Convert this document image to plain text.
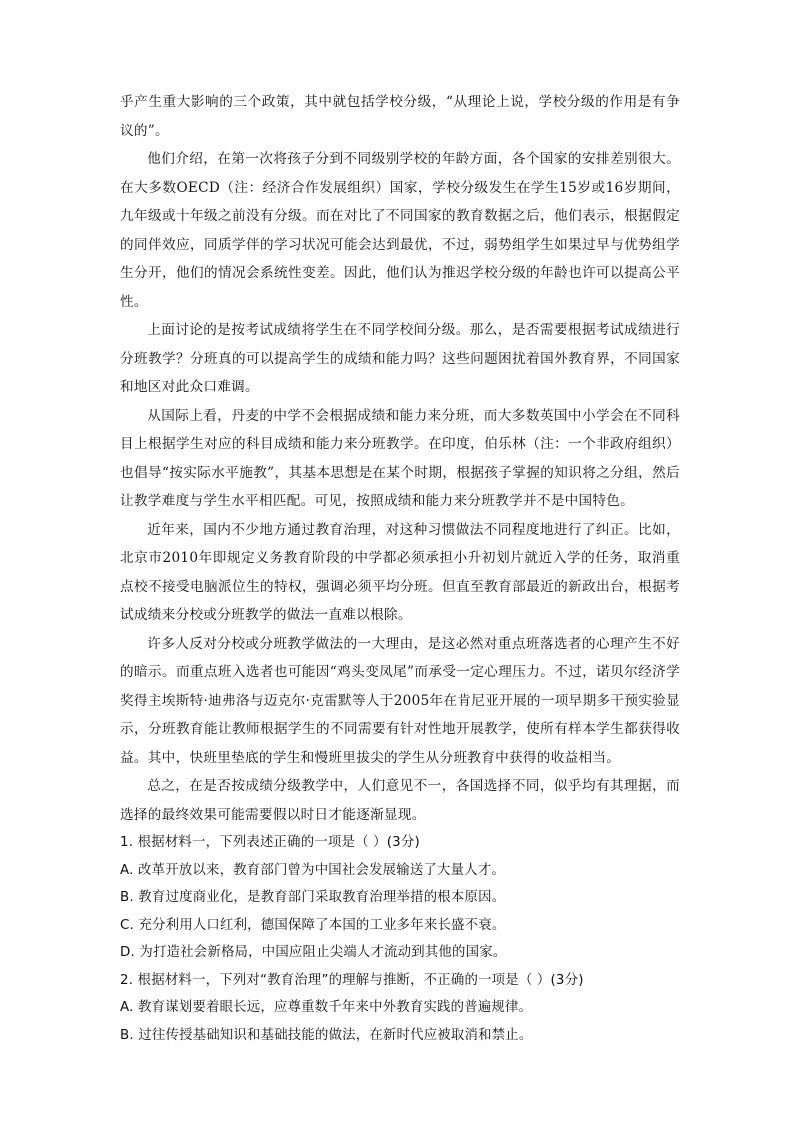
乎产生重大影响的三个政策，其中就包括学校分级，“从理论上说，学校分级的作用是有争议的”。

他们介绍，在第一次将孩子分到不同级别学校的年龄方面，各个国家的安排差别很大。在大多数OECD（注：经济合作发展组织）国家，学校分级发生在学生15岁或16岁期间，九年级或十年级之前没有分级。而在对比了不同国家的教育数据之后，他们表示，根据假定的同伴效应，同质学伴的学习状况可能会达到最优，不过，弱势组学生如果过早与优势组学生分开，他们的情况会系统性变差。因此，他们认为推迟学校分级的年龄也许可以提高公平性。

上面讨论的是按考试成绩将学生在不同学校间分级。那么，是否需要根据考试成绩进行分班教学？分班真的可以提高学生的成绩和能力吗？这些问题困扰着国外教育界，不同国家和地区对此众口难调。

从国际上看，丹麦的中学不会根据成绩和能力来分班，而大多数英国中小学会在不同科目上根据学生对应的科目成绩和能力来分班教学。在印度，伯乐林（注：一个非政府组织）也倡导“按实际水平施教”，其基本思想是在某个时期，根据孩子掌握的知识将之分组，然后让教学难度与学生水平相匹配。可见，按照成绩和能力来分班教学并不是中国特色。

近年来，国内不少地方通过教育治理，对这种习惯做法不同程度地进行了纠正。比如，北京市2010年即规定义务教育阶段的中学都必须承担小升初划片就近入学的任务，取消重点校不接受电脑派位生的特权，强调必须平均分班。但直至教育部最近的新政出台，根据考试成绩来分校或分班教学的做法一直难以根除。

许多人反对分校或分班教学做法的一大理由，是这必然对重点班落选者的心理产生不好的暗示。而重点班入选者也可能因“鸡头变凤尾”而承受一定心理压力。不过，诺贝尔经济学奖得主埃斯特·迪弗洛与迈克尔·克雷默等人于2005年在肯尼亚开展的一项早期多干预实验显示，分班教育能让教师根据学生的不同需要有针对性地开展教学，使所有样本学生都获得收益。其中，快班里垫底的学生和慢班里拔尖的学生从分班教育中获得的收益相当。

总之，在是否按成绩分级教学中，人们意见不一，各国选择不同，似乎均有其理据，而选择的最终效果可能需要假以时日才能逐渐显现。

1. 根据材料一，下列表述正确的一项是（ ）(3分)

A. 改革开放以来，教育部门曾为中国社会发展输送了大量人才。

B. 教育过度商业化，是教育部门采取教育治理举措的根本原因。

C. 充分利用人口红利，德国保障了本国的工业多年来长盛不衰。

D. 为打造社会新格局，中国应阻止尖端人才流动到其他的国家。

2. 根据材料一，下列对“教育治理”的理解与推断，不正确的一项是（ ）(3分)

A. 教育谋划要着眼长远，应尊重数千年来中外教育实践的普遍规律。

B. 过往传授基础知识和基础技能的做法，在新时代应被取消和禁止。
